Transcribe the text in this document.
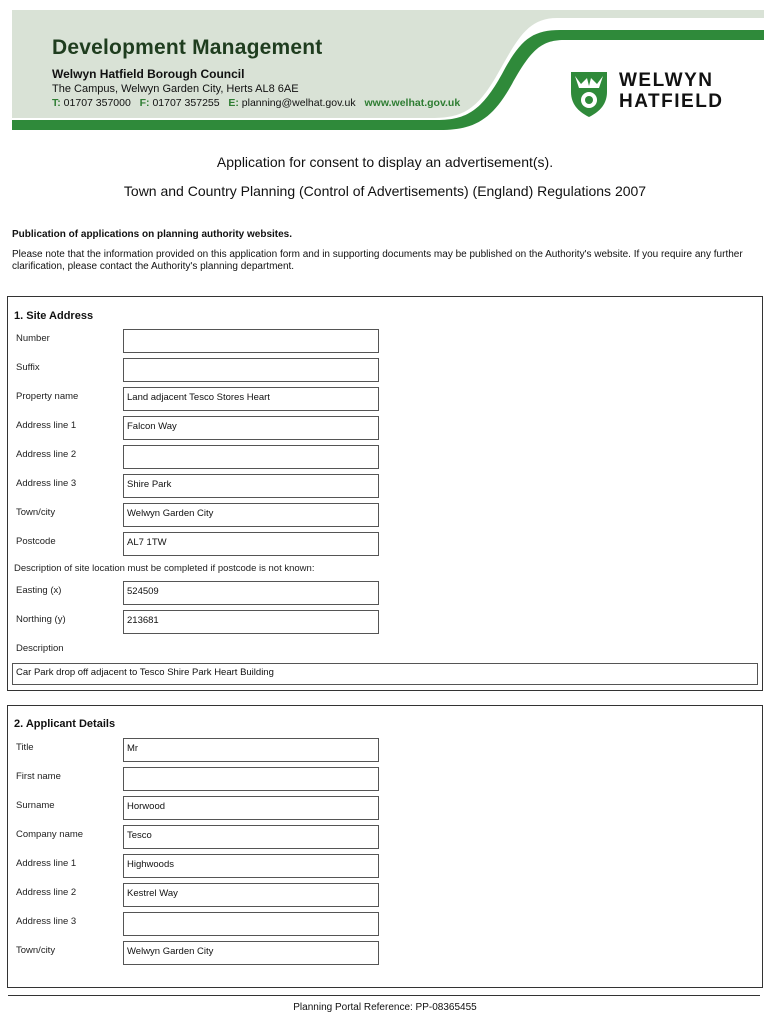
Development Management
Welwyn Hatfield Borough Council
The Campus, Welwyn Garden City, Herts AL8 6AE
T: 01707 357000 F: 01707 357255 E: planning@welhat.gov.uk www.welhat.gov.uk
WELWYN
HATFIELD
Application for consent to display an advertisement(s).
Town and Country Planning (Control of Advertisements) (England) Regulations 2007
Publication of applications on planning authority websites.
Please note that the information provided on this application form and in supporting documents may be published on the Authority's website. If you require any further clarification, please contact the Authority's planning department.
1. Site Address
Number
Suffix
Property name	Land adjacent Tesco Stores Heart
Address line 1	Falcon Way
Address line 2
Address line 3	Shire Park
Town/city	Welwyn Garden City
Postcode	AL7 1TW
Description of site location must be completed if postcode is not known:
Easting (x)	524509
Northing (y)	213681
Description
Car Park drop off adjacent to Tesco Shire Park Heart Building
2. Applicant Details
Title	Mr
First name
Surname	Horwood
Company name	Tesco
Address line 1	Highwoods
Address line 2	Kestrel Way
Address line 3
Town/city	Welwyn Garden City
Planning Portal Reference: PP-08365455
